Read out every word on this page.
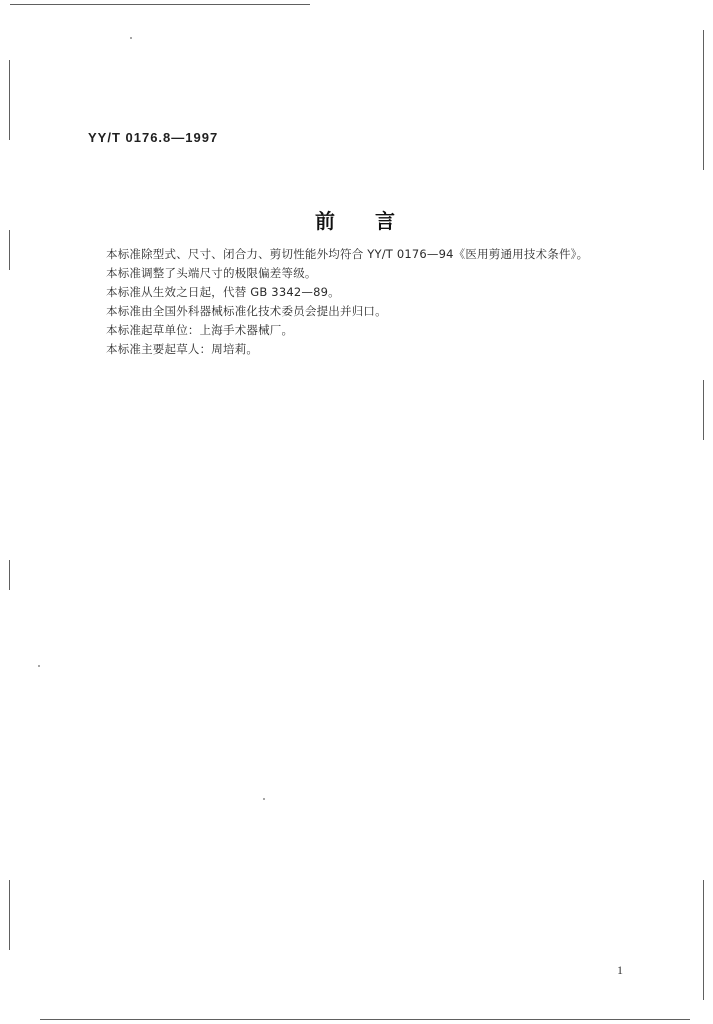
YY/T 0176.8—1997
前言
本标准除型式、尺寸、闭合力、剪切性能外均符合 YY/T 0176—94《医用剪通用技术条件》。
本标准调整了头端尺寸的极限偏差等级。
本标准从生效之日起，代替 GB 3342—89。
本标准由全国外科器械标准化技术委员会提出并归口。
本标准起草单位：上海手术器械厂。
本标准主要起草人：周培莉。
1
